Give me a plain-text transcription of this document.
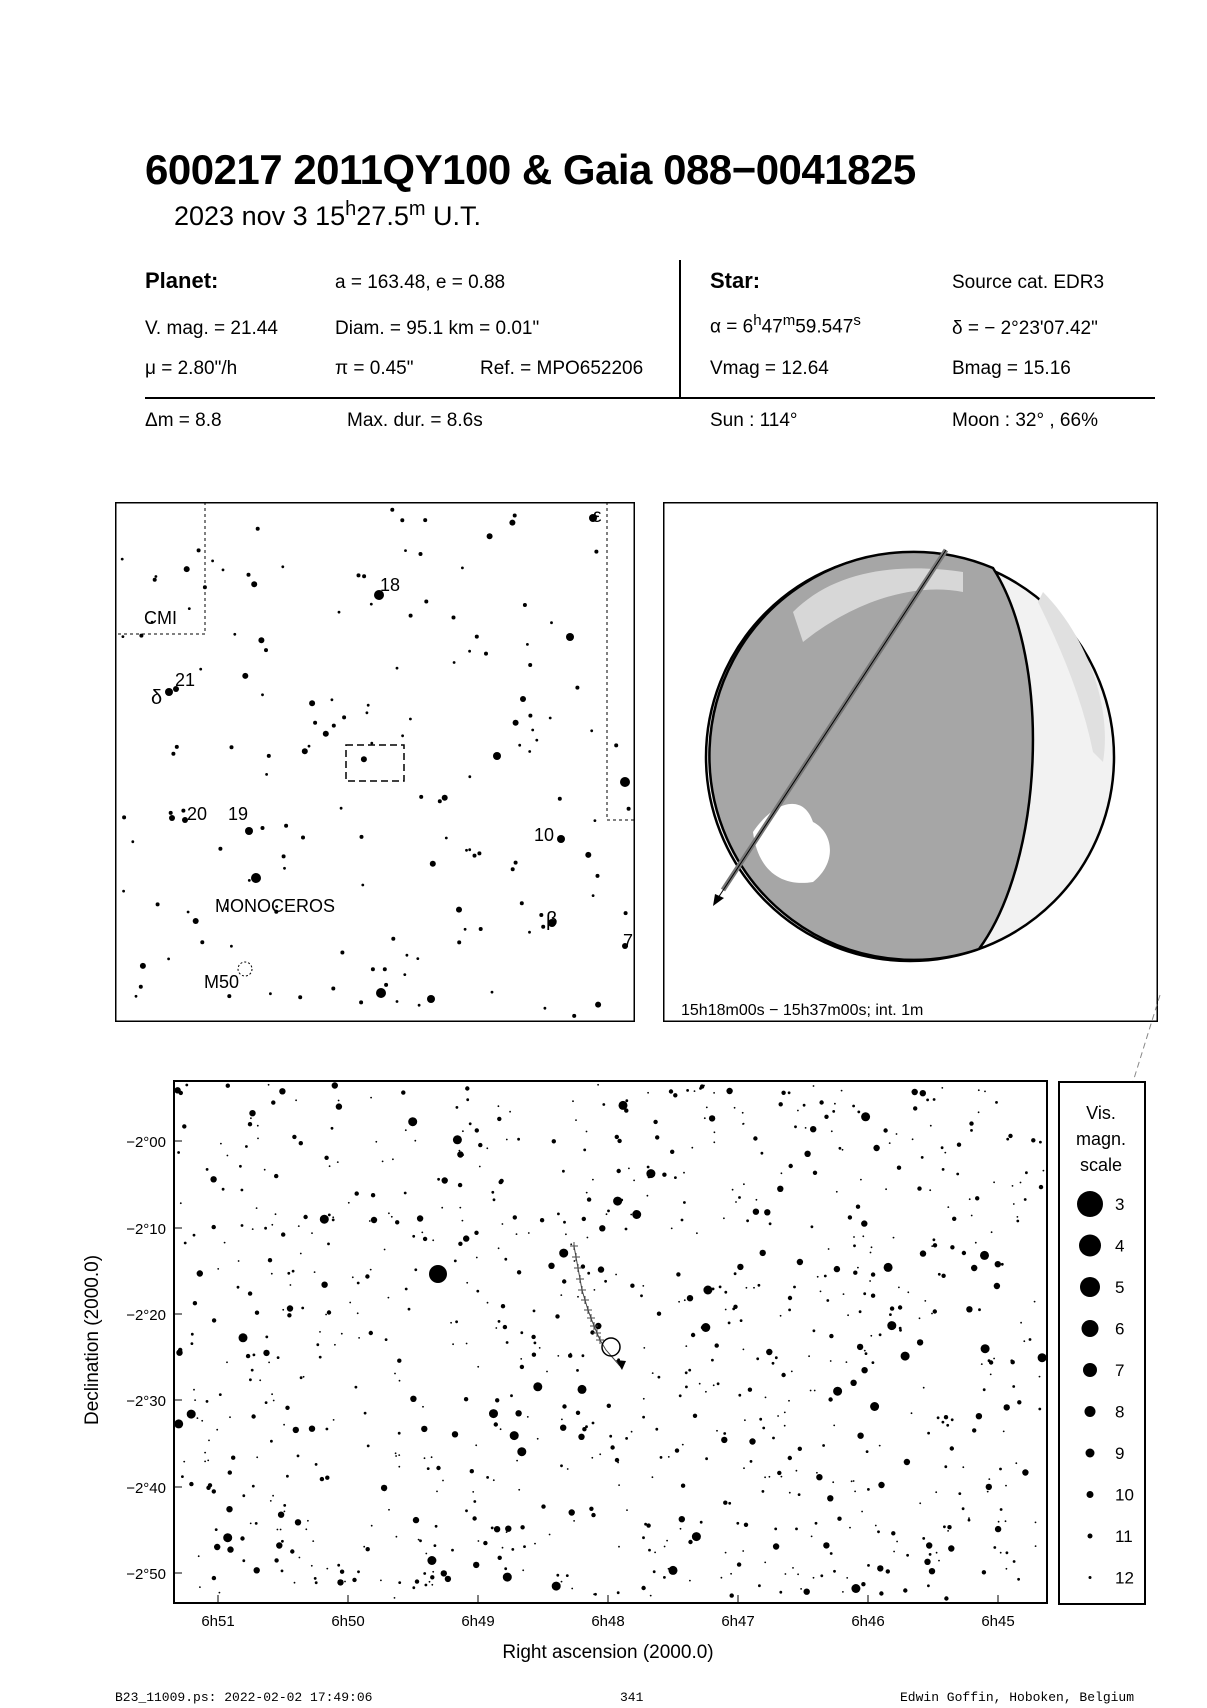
600217 2011QY100 & Gaia 088−0041825
2023 nov 3 15$^h$27.5$^m$ U.T.
Planet:	a = 163.48, e = 0.88
V. mag. = 21.44	Diam. = 95.1 km = 0.01"
μ = 2.80"/h	π = 0.45"	Ref. = MPO652206
Δm = 8.8	Max. dur. = 8.6s
Star:	Source cat. EDR3
$\alpha = 6^h47^m59.547^s$	δ = − 2°23'07.42"
Vmag = 12.64	Bmag = 15.16
Sun : 114°	Moon : 32° , 66%
ε
18
CMI
21
δ
20 19
10
β
7
MONOCEROS
M50
15h18m00s − 15h37m00s; int. 1m
−2°00
−2°10
−2°20
−2°30
−2°40
−2°50
6h51	6h50	6h49	6h48	6h47	6h46	6h45
Right ascension (2000.0)
Declination (2000.0)
Vis.
magn.
scale
3
4
5
6
7
8
9
10
11
12
B23_11009.ps: 2022-02-02 17:49:06	341	Edwin Goffin, Hoboken, Belgium
